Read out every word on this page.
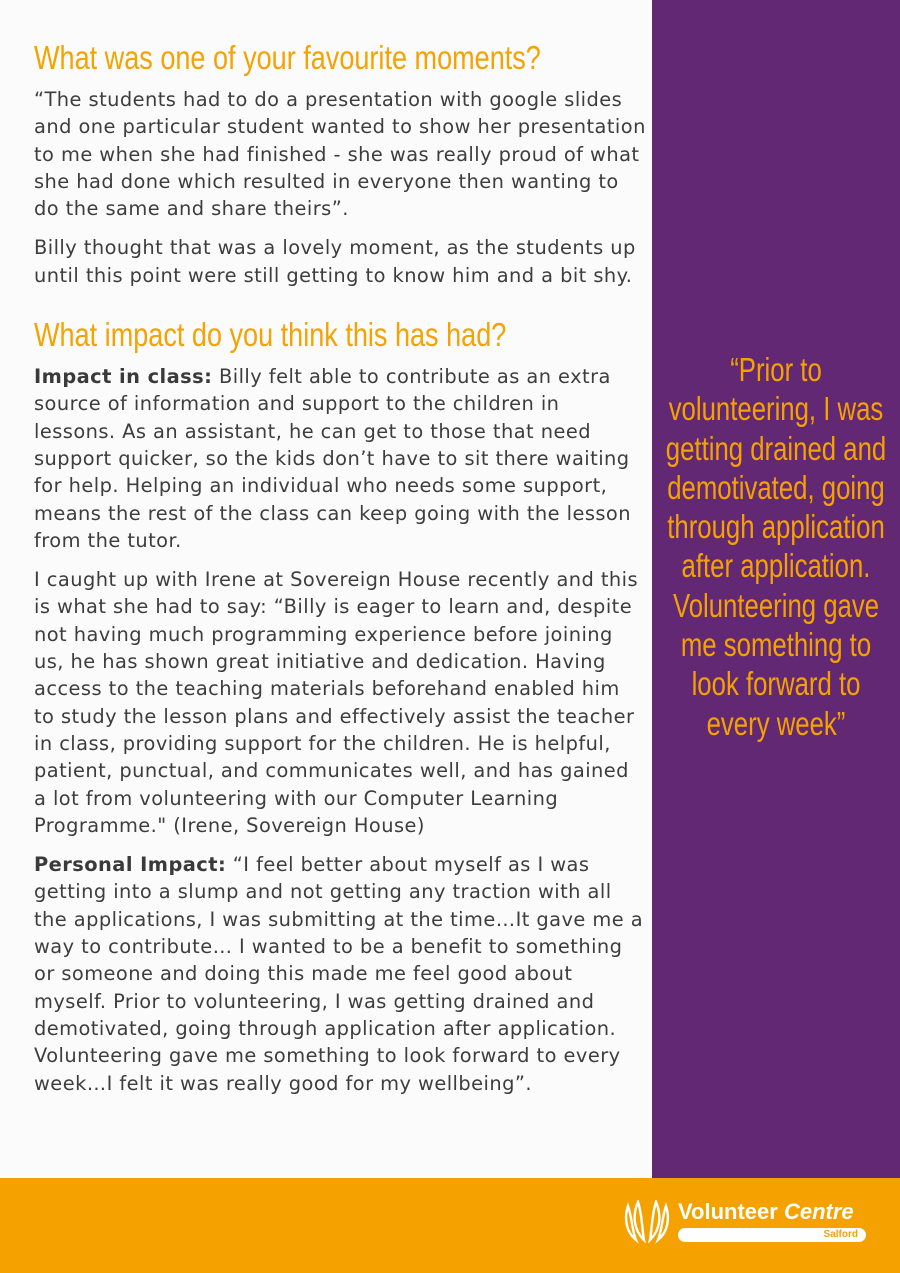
What was one of your favourite moments?

“The students had to do a presentation with google slides and one particular student wanted to show her presentation to me when she had finished - she was really proud of what she had done which resulted in everyone then wanting to do the same and share theirs”.

Billy thought that was a lovely moment, as the students up until this point were still getting to know him and a bit shy.

What impact do you think this has had?

Impact in class: Billy felt able to contribute as an extra source of information and support to the children in lessons. As an assistant, he can get to those that need support quicker, so the kids don’t have to sit there waiting for help. Helping an individual who needs some support, means the rest of the class can keep going with the lesson from the tutor.

I caught up with Irene at Sovereign House recently and this is what she had to say: “Billy is eager to learn and, despite not having much programming experience before joining us, he has shown great initiative and dedication. Having access to the teaching materials beforehand enabled him to study the lesson plans and effectively assist the teacher in class, providing support for the children. He is helpful, patient, punctual, and communicates well, and has gained a lot from volunteering with our Computer Learning Programme." (Irene, Sovereign House)

Personal Impact: “I feel better about myself as I was getting into a slump and not getting any traction with all the applications, I was submitting at the time…It gave me a way to contribute… I wanted to be a benefit to something or someone and doing this made me feel good about myself. Prior to volunteering, I was getting drained and demotivated, going through application after application. Volunteering gave me something to look forward to every week…I felt it was really good for my wellbeing”.

“Prior to volunteering, I was getting drained and demotivated, going through application after application. Volunteering gave me something to look forward to every week”
Volunteer Centre
Salford
